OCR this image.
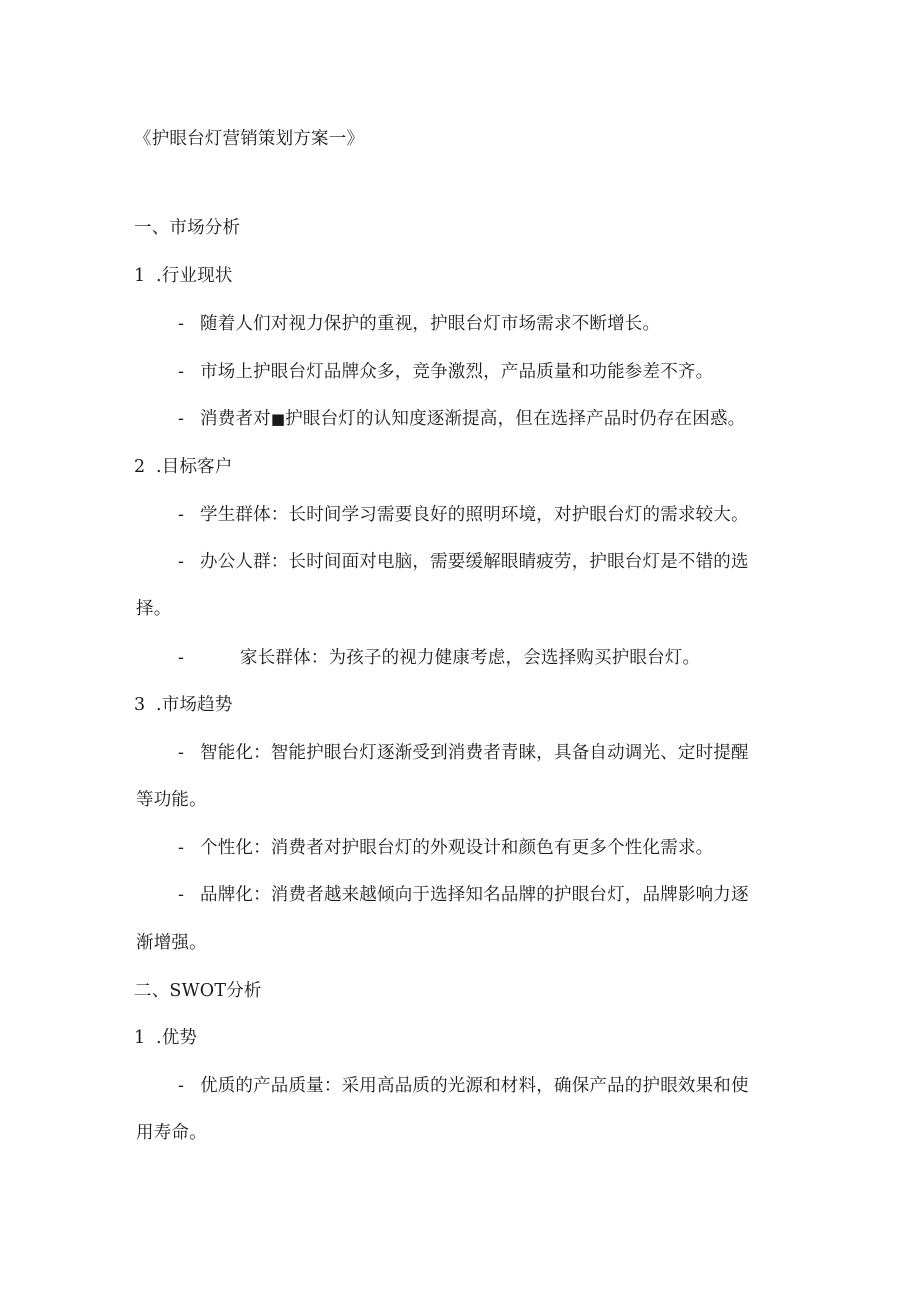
《护眼台灯营销策划方案一》
一、市场分析
1 .行业现状
- 随着人们对视力保护的重视，护眼台灯市场需求不断增长。
- 市场上护眼台灯品牌众多，竞争激烈，产品质量和功能参差不齐。
- 消费者对■护眼台灯的认知度逐渐提高，但在选择产品时仍存在困惑。
2 .目标客户
- 学生群体：长时间学习需要良好的照明环境，对护眼台灯的需求较大。
- 办公人群：长时间面对电脑，需要缓解眼睛疲劳，护眼台灯是不错的选
择。
-	家长群体：为孩子的视力健康考虑，会选择购买护眼台灯。
3 .市场趋势
- 智能化：智能护眼台灯逐渐受到消费者青睐，具备自动调光、定时提醒
等功能。
- 个性化：消费者对护眼台灯的外观设计和颜色有更多个性化需求。
- 品牌化：消费者越来越倾向于选择知名品牌的护眼台灯，品牌影响力逐
渐增强。
二、SWOT分析
1 .优势
- 优质的产品质量：采用高品质的光源和材料，确保产品的护眼效果和使
用寿命。
